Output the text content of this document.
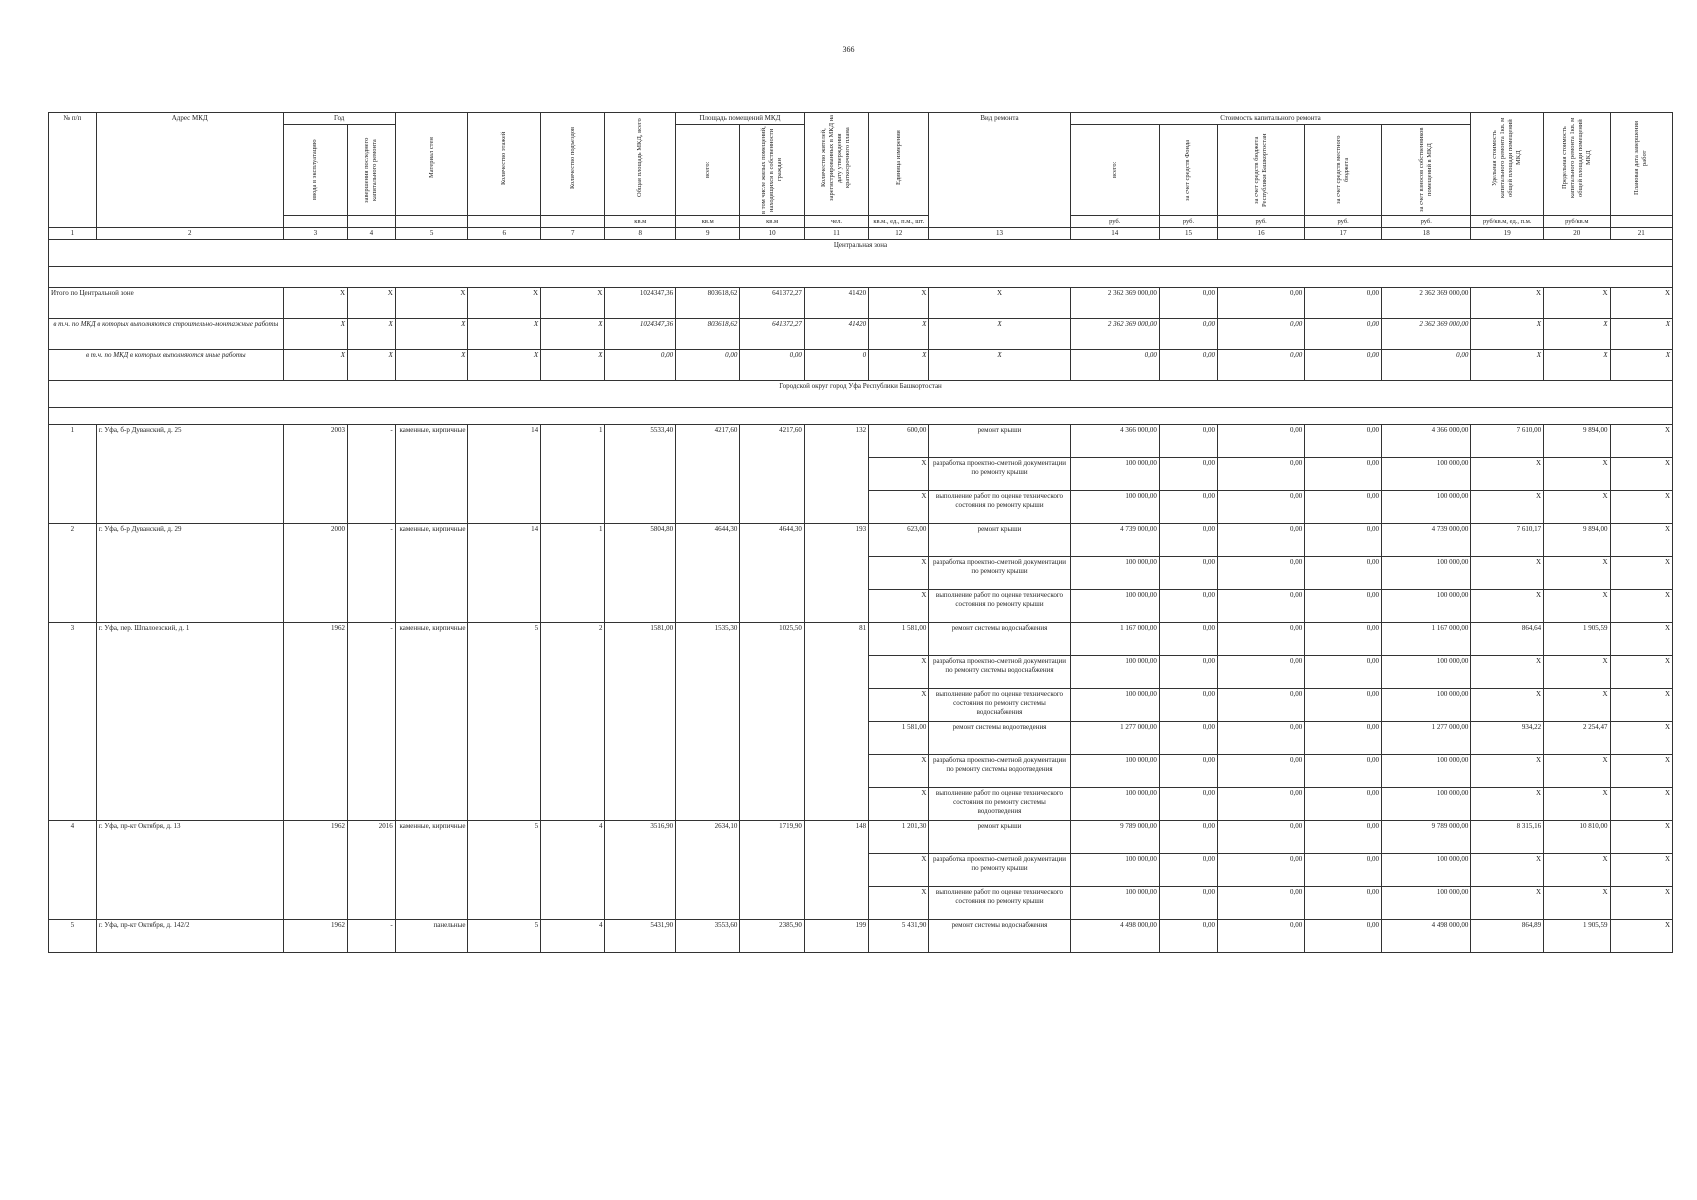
366
№ п/п	Адрес МКД	Год		Материал стен	Количество этажей	Количество подъездов	Общая площадь МКД, всего	Площадь помещений МКД		Количество жителей, зарегистрированных в МКД на дату утверждения краткосрочного плана	Единица измерения	Вид ремонта	Стоимость капитального ремонта					Удельная стоимость капитального ремонта 1кв. м общей площади помещений МКД	Предельная стоимость капитального ремонта 1кв. м общей площади помещений МКД	Плановая дата завершения работ

		ввода в эксплуатацию	завершения последнего капитального ремонта					всего:	в том числе жилых помещений, находящихся в собственности граждан				всего:	за счет средств Фонда	за счет средств бюджета Республики Башкортостан	за счет средств местного бюджета	за счет взносов собственников помещений в МКД			

							кв.м	кв.м	кв.м	чел.	кв.м., ед., п.м., шт.		руб.	руб.	руб.	руб.	руб.	руб/кв.м, ед., п.м.	руб/кв.м	
1	2	3	4	5	6	7	8	9	10	11	12	13	14	15	16	17	18	19	20	21
Центральная зона																				

Итого по Центральной зоне		X	X	X	X	X	1024347,36	803618,62	641372,27	41420	X	X	2 362 369 000,00	0,00	0,00	0,00	2 362 369 000,00	X	X	X
в т.ч. по МКД в которых выполняются строительно-монтажные работы		X	X	X	X	X	1024347,36	803618,62	641372,27	41420	X	X	2 362 369 000,00	0,00	0,00	0,00	2 362 369 000,00	X	X	X
в т.ч. по МКД в которых выполняются иные работы		X	X	X	X	X	0,00	0,00	0,00	0	X	X	0,00	0,00	0,00	0,00	0,00	X	X	X
Городской округ город Уфа Республики Башкортостан																				

1	г. Уфа, б-р Дуванский, д. 25	2003	-	каменные, кирпичные	14	1	5533,40	4217,60	4217,60	132	600,00	ремонт крыши	4 366 000,00	0,00	0,00	0,00	4 366 000,00	7 610,00	9 894,00	X
											X	разработка проектно-сметной документации по ремонту крыши	100 000,00	0,00	0,00	0,00	100 000,00	X	X	X
											X	выполнение работ по оценке технического состояния по ремонту крыши	100 000,00	0,00	0,00	0,00	100 000,00	X	X	X
2	г. Уфа, б-р Дуванский, д. 29	2000	-	каменные, кирпичные	14	1	5804,80	4644,30	4644,30	193	623,00	ремонт крыши	4 739 000,00	0,00	0,00	0,00	4 739 000,00	7 610,17	9 894,00	X
											X	разработка проектно-сметной документации по ремонту крыши	100 000,00	0,00	0,00	0,00	100 000,00	X	X	X
											X	выполнение работ по оценке технического состояния по ремонту крыши	100 000,00	0,00	0,00	0,00	100 000,00	X	X	X
3	г. Уфа, пер. Шпалоезский, д. 1	1962	-	каменные, кирпичные	5	2	1581,00	1535,30	1025,50	81	1 581,00	ремонт системы водоснабжения	1 167 000,00	0,00	0,00	0,00	1 167 000,00	864,64	1 905,59	X
											X	разработка проектно-сметной документации по ремонту системы водоснабжения	100 000,00	0,00	0,00	0,00	100 000,00	X	X	X
											X	выполнение работ по оценке технического состояния по ремонту системы водоснабжения	100 000,00	0,00	0,00	0,00	100 000,00	X	X	X
											1 581,00	ремонт системы водоотведения	1 277 000,00	0,00	0,00	0,00	1 277 000,00	934,22	2 254,47	X
											X	разработка проектно-сметной документации по ремонту системы водоотведения	100 000,00	0,00	0,00	0,00	100 000,00	X	X	X
											X	выполнение работ по оценке технического состояния по ремонту системы водоотведения	100 000,00	0,00	0,00	0,00	100 000,00	X	X	X
4	г. Уфа, пр-кт Октября, д. 13	1962	2016	каменные, кирпичные	5	4	3516,90	2634,10	1719,90	148	1 201,30	ремонт крыши	9 789 000,00	0,00	0,00	0,00	9 789 000,00	8 315,16	10 810,00	X
											X	разработка проектно-сметной документации по ремонту крыши	100 000,00	0,00	0,00	0,00	100 000,00	X	X	X
											X	выполнение работ по оценке технического состояния по ремонту крыши	100 000,00	0,00	0,00	0,00	100 000,00	X	X	X
5	г. Уфа, пр-кт Октября, д. 142/2	1962	-	панельные	5	4	5431,90	3553,60	2385,90	199	5 431,90	ремонт системы водоснабжения	4 498 000,00	0,00	0,00	0,00	4 498 000,00	864,89	1 905,59	X
